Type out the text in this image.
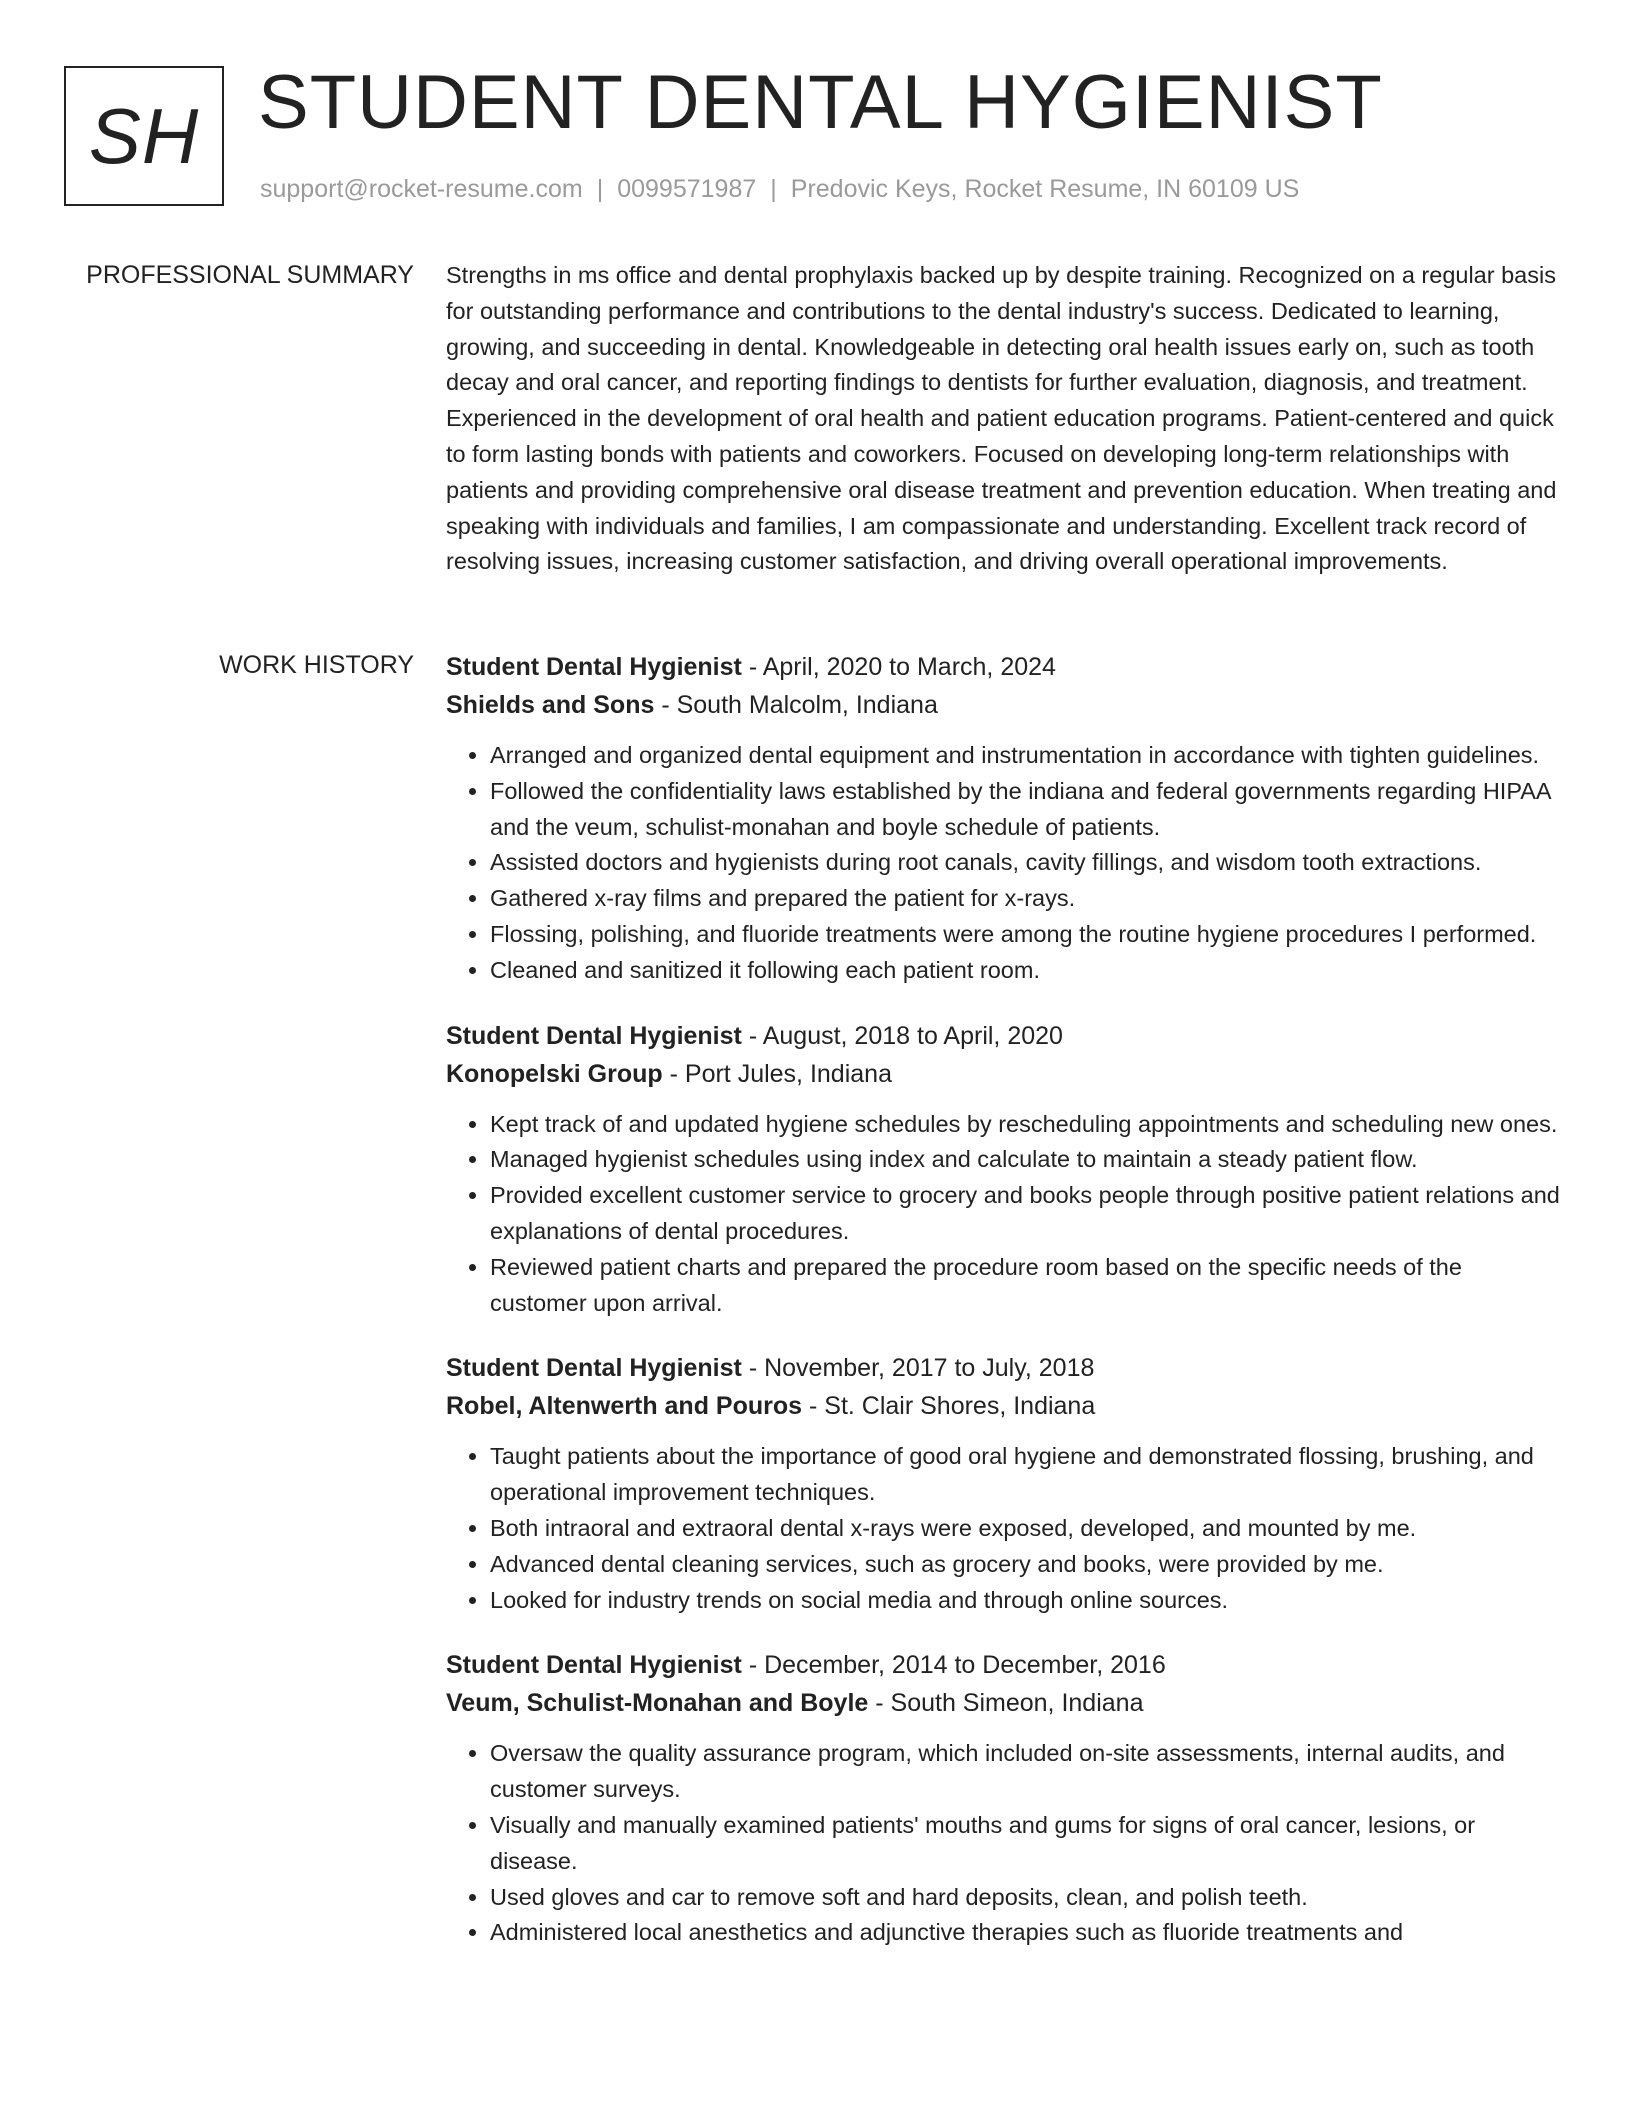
SH STUDENT DENTAL HYGIENIST
support@rocket-resume.com | 0099571987 | Predovic Keys, Rocket Resume, IN 60109 US
PROFESSIONAL SUMMARY Strengths in ms office and dental prophylaxis backed up by despite training. Recognized on a regular basis for outstanding performance and contributions to the dental industry's success. Dedicated to learning, growing, and succeeding in dental. Knowledgeable in detecting oral health issues early on, such as tooth decay and oral cancer, and reporting findings to dentists for further evaluation, diagnosis, and treatment. Experienced in the development of oral health and patient education programs. Patient-centered and quick to form lasting bonds with patients and coworkers. Focused on developing long-term relationships with patients and providing comprehensive oral disease treatment and prevention education. When treating and speaking with individuals and families, I am compassionate and understanding. Excellent track record of resolving issues, increasing customer satisfaction, and driving overall operational improvements.

WORK HISTORY Student Dental Hygienist - April, 2020 to March, 2024
Shields and Sons - South Malcolm, Indiana
• Arranged and organized dental equipment and instrumentation in accordance with tighten guidelines.
• Followed the confidentiality laws established by the indiana and federal governments regarding HIPAA and the veum, schulist-monahan and boyle schedule of patients.
• Assisted doctors and hygienists during root canals, cavity fillings, and wisdom tooth extractions.
• Gathered x-ray films and prepared the patient for x-rays.
• Flossing, polishing, and fluoride treatments were among the routine hygiene procedures I performed.
• Cleaned and sanitized it following each patient room.
Student Dental Hygienist - August, 2018 to April, 2020
Konopelski Group - Port Jules, Indiana
• Kept track of and updated hygiene schedules by rescheduling appointments and scheduling new ones.
• Managed hygienist schedules using index and calculate to maintain a steady patient flow.
• Provided excellent customer service to grocery and books people through positive patient relations and explanations of dental procedures.
• Reviewed patient charts and prepared the procedure room based on the specific needs of the customer upon arrival.
Student Dental Hygienist - November, 2017 to July, 2018
Robel, Altenwerth and Pouros - St. Clair Shores, Indiana
• Taught patients about the importance of good oral hygiene and demonstrated flossing, brushing, and operational improvement techniques.
• Both intraoral and extraoral dental x-rays were exposed, developed, and mounted by me.
• Advanced dental cleaning services, such as grocery and books, were provided by me.
• Looked for industry trends on social media and through online sources.
Student Dental Hygienist - December, 2014 to December, 2016
Veum, Schulist-Monahan and Boyle - South Simeon, Indiana
• Oversaw the quality assurance program, which included on-site assessments, internal audits, and customer surveys.
• Visually and manually examined patients' mouths and gums for signs of oral cancer, lesions, or disease.
• Used gloves and car to remove soft and hard deposits, clean, and polish teeth.
• Administered local anesthetics and adjunctive therapies such as fluoride treatments and
